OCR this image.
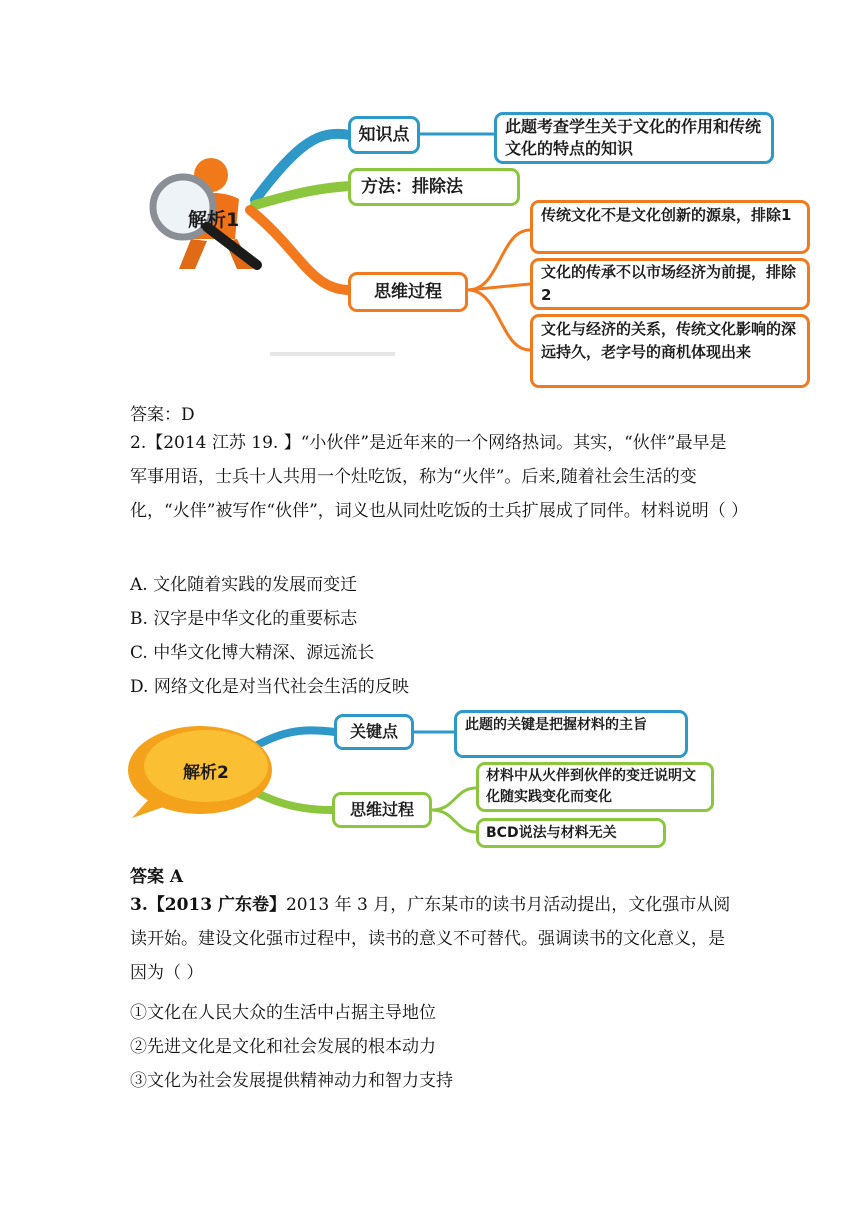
解析1
知识点	此题考查学生关于文化的作用和传统文化的特点的知识
方法：排除法
思维过程
传统文化不是文化创新的源泉，排除1
文化的传承不以市场经济为前提，排除2
文化与经济的关系，传统文化影响的深远持久，老字号的商机体现出来
答案：D
2.【2014 江苏 19. 】“小伙伴”是近年来的一个网络热词。其实，“伙伴”最早是军事用语，士兵十人共用一个灶吃饭，称为“火伴”。后来,随着社会生活的变化，“火伴”被写作“伙伴”，词义也从同灶吃饭的士兵扩展成了同伴。材料说明（ ）
A. 文化随着实践的发展而变迁
B. 汉字是中华文化的重要标志
C. 中华文化博大精深、源远流长
D. 网络文化是对当代社会生活的反映
解析2
关键点	此题的关键是把握材料的主旨
思维过程
材料中从火伴到伙伴的变迁说明文化随实践变化而变化
BCD说法与材料无关
答案 A
3.【2013 广东卷】2013 年 3 月，广东某市的读书月活动提出，文化强市从阅读开始。建设文化强市过程中，读书的意义不可替代。强调读书的文化意义，是因为（ ）
①文化在人民大众的生活中占据主导地位
②先进文化是文化和社会发展的根本动力
③文化为社会发展提供精神动力和智力支持
